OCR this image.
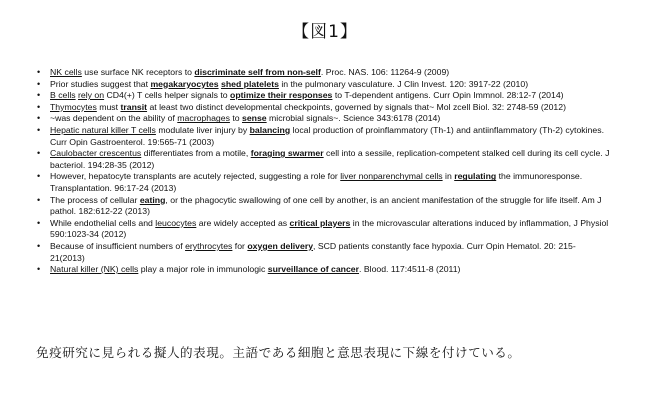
【図1】
• NK cells use surface NK receptors to discriminate self from non-self. Proc. NAS. 106: 11264-9 (2009)
• Prior studies suggest that megakaryocytes shed platelets in the pulmonary vasculature. J Clin Invest. 120: 3917-22 (2010)
• B cells rely on CD4(+) T cells helper signals to optimize their responses to T-dependent antigens. Curr Opin Immnol. 28:12-7 (2014)
• Thymocytes must transit at least two distinct developmental checkpoints, governed by signals that~ Mol zcell Biol. 32: 2748-59 (2012)
• ~was dependent on the ability of macrophages to sense microbial signals~. Science 343:6178 (2014)
• Hepatic natural killer T cells modulate liver injury by balancing local production of proinflammatory (Th-1) and antiinflammatory (Th-2) cytokines. Curr Opin Gastroenterol. 19:565-71 (2003)
• Caulobacter crescentus differentiates from a motile, foraging swarmer cell into a sessile, replication-competent stalked cell during its cell cycle. J bacteriol. 194:28-35 (2012)
• However, hepatocyte transplants are acutely rejected, suggesting a role for liver nonparenchymal cells in regulating the immunoresponse. Transplantation. 96:17-24 (2013)
• The process of cellular eating, or the phagocytic swallowing of one cell by another, is an ancient manifestation of the struggle for life itself. Am J pathol. 182:612-22 (2013)
• While endothelial cells and leucocytes are widely accepted as critical players in the microvascular alterations induced by inflammation, J Physiol 590:1023-34 (2012)
• Because of insufficient numbers of erythrocytes for oxygen delivery, SCD patients constantly face hypoxia. Curr Opin Hematol. 20: 215-21(2013)
• Natural killer (NK) cells play a major role in immunologic surveillance of cancer. Blood. 117:4511-8 (2011)
免疫研究に見られる擬人的表現。主語である細胞と意思表現に下線を付けている。
